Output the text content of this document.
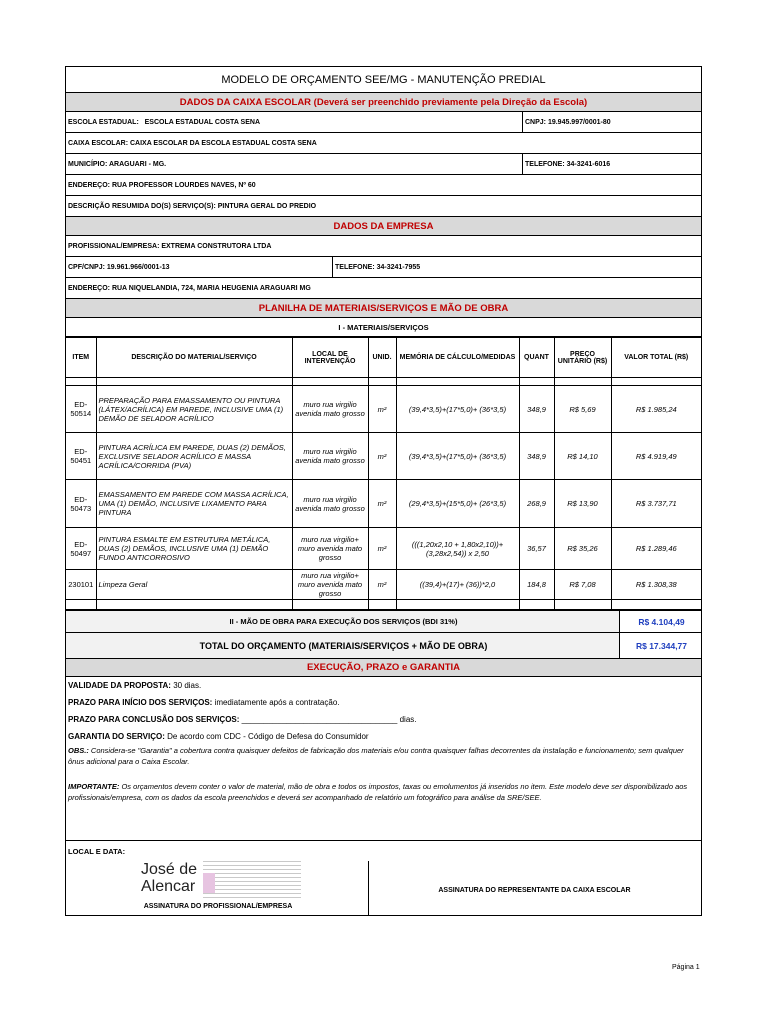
MODELO DE ORÇAMENTO SEE/MG - MANUTENÇÃO PREDIAL
DADOS DA CAIXA ESCOLAR (Deverá ser preenchido previamente pela Direção da Escola)
ESCOLA ESTADUAL:
ESCOLA ESTADUAL COSTA SENA	CNPJ: 19.945.997/0001-80
CAIXA ESCOLAR: CAIXA ESCOLAR DA ESCOLA ESTADUAL COSTA SENA
MUNICÍPIO: ARAGUARI - MG.	TELEFONE: 34-3241-6016
ENDEREÇO: RUA PROFESSOR LOURDES NAVES, Nº 60
DESCRIÇÃO RESUMIDA DO(S) SERVIÇO(S): PINTURA GERAL DO PREDIO
DADOS DA EMPRESA
PROFISSIONAL/EMPRESA: EXTREMA CONSTRUTORA LTDA
CPF/CNPJ: 19.961.966/0001-13	TELEFONE: 34-3241-7955
ENDEREÇO: RUA NIQUELANDIA, 724, MARIA HEUGENIA ARAGUARI MG
PLANILHA DE MATERIAIS/SERVIÇOS E MÃO DE OBRA
I - MATERIAIS/SERVIÇOS
ITEM	DESCRIÇÃO DO MATERIAL/SERVIÇO	LOCAL DE INTERVENÇÃO	UNID.	MEMÓRIA DE CÁLCULO/MEDIDAS	QUANT	PREÇO UNITÁRIO (R$)	VALOR TOTAL (R$)

ED-50514	PREPARAÇÃO PARA EMASSAMENTO OU PINTURA (LÁTEX/ACRÍLICA) EM PAREDE, INCLUSIVE UMA (1) DEMÃO DE SELADOR ACRÍLICO	muro rua virgilio avenida mato grosso	m²	(39,4*3,5)+(17*5,0)+ (36*3,5)	348,9	R$ 5,69	R$ 1.985,24
ED-50451	PINTURA ACRÍLICA EM PAREDE, DUAS (2) DEMÃOS, EXCLUSIVE SELADOR ACRÍLICO E MASSA ACRÍLICA/CORRIDA (PVA)	muro rua virgilio avenida mato grosso	m²	(39,4*3,5)+(17*5,0)+ (36*3,5)	348,9	R$ 14,10	R$ 4.919,49
ED-50473	EMASSAMENTO EM PAREDE COM MASSA ACRÍLICA, UMA (1) DEMÃO, INCLUSIVE LIXAMENTO PARA PINTURA	muro rua virgilio avenida mato grosso	m²	(29,4*3,5)+(15*5,0)+ (26*3,5)	268,9	R$ 13,90	R$ 3.737,71
ED-50497	PINTURA ESMALTE EM ESTRUTURA METÁLICA, DUAS (2) DEMÃOS, INCLUSIVE UMA (1) DEMÃO FUNDO ANTICORROSIVO	muro rua virgilio+ muro avenida mato grosso	m²	(((1,20x2,10 + 1,80x2,10))+ (3,28x2,54)) x 2,50	36,57	R$ 35,26	R$ 1.289,46
230101	Limpeza Geral	muro rua virgilio+ muro avenida mato grosso	m²	((39,4)+(17)+ (36))*2,0	184,8	R$ 7,08	R$ 1.308,38

II - MÃO DE OBRA PARA EXECUÇÃO DOS SERVIÇOS (BDI 31%)	R$ 4.104,49
TOTAL DO ORÇAMENTO (MATERIAIS/SERVIÇOS + MÃO DE OBRA)	R$ 17.344,77
EXECUÇÃO, PRAZO e GARANTIA
VALIDADE DA PROPOSTA: 30 dias.
PRAZO PARA INÍCIO DOS SERVIÇOS: imediatamente após a contratação.
PRAZO PARA CONCLUSÃO DOS SERVIÇOS: ___________________________________ dias.
GARANTIA DO SERVIÇO: De acordo com CDC - Código de Defesa do Consumidor
OBS.: Considera-se "Garantia" a cobertura contra quaisquer defeitos de fabricação dos materiais e/ou contra quaisquer falhas decorrentes da instalação e funcionamento; sem qualquer ônus adicional para o Caixa Escolar.
IMPORTANTE: Os orçamentos devem conter o valor de material, mão de obra e todos os impostos, taxas ou emolumentos já inseridos no item. Este modelo deve ser disponibilizado aos profissionais/empresa, com os dados da escola preenchidos e deverá ser acompanhado de relatório um fotográfico para análise da SRE/SEE.
LOCAL E DATA:
José de
Alencar
ASSINATURA DO PROFISSIONAL/EMPRESA
ASSINATURA DO REPRESENTANTE DA CAIXA ESCOLAR
Página 1
